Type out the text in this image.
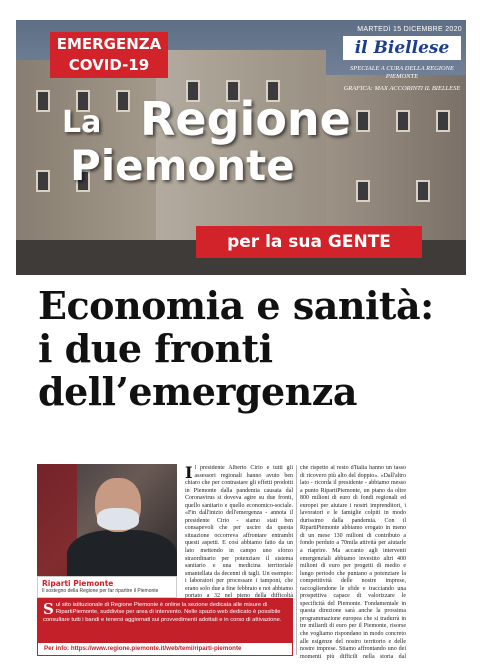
EMERGENZA
COVID-19
MARTEDì 15 DICEMBRE 2020
il Biellese
SPECIALE A CURA DELLA REGIONE PIEMONTE
GRAFICA: MAX ACCORINTI IL BIELLESE
La Regione
Piemonte
per la sua GENTE
Economia e sanità:
i due fronti
dell’emergenza
Riparti Piemonte
Il sostegno della Regione per far ripartire il Piemonte
Sul sito istituzionale di Regione Piemonte è online la sezione dedicata alle misure di RipartiPiemonte, suddivise per area di intervento. Nelle spazio web dedicato è possibile consultare tutti i bandi e tenersi aggiornati sui provvedimenti adottati e in corso di attivazione.
Per info: https://www.regione.piemonte.it/web/temi/riparti-piemonte
Il presidente Alberto Cirio e tutti gli assessori regionali hanno avuto ben chiaro che per contrastare gli effetti prodotti in Piemonte dalla pandemia causata dal Coronavirus si doveva agire su due fronti, quello sanitario e quello economico-sociale. «Fin dall'inizio dell'emergenza - annota il presidente Cirio - siamo stati ben consapevoli che per uscire da questa situazione occorreva affrontare entrambi questi aspetti. E così abbiamo fatto da un lato mettendo in campo uno sforzo straordinario per potenziare il sistema sanitario e una medicina territoriale smantellata da decenni di tagli. Un esempio: i laboratori per processare i tamponi, che erano solo due a fine febbraio e noi abbiamo portato a 32 nel pieno della difficoltà
che rispetto al resto d'Italia hanno un tasso di ricovero più alto del doppio». «Dall'altro lato - ricorda il presidente - abbiamo messo a punto RipartiPiemonte, un piano da oltre 800 milioni di euro di fondi regionali ed europei per aiutare i nostri imprenditori, i lavoratori e le famiglie colpiti in modo durissimo dalla pandemia. Con il RipartiPiemonte abbiamo erogato in meno di un mese 130 milioni di contributo a fondo perduto a 70mila attività per aiutarle a riaprire. Ma accanto agli interventi emergenziali abbiamo investito altri 400 milioni di euro per progetti di medio e lungo periodo che puntano a potenziare la competitività delle nostre imprese, raccogliendone le sfide e tracciando una prospettiva capace di valorizzare le specificità del Piemonte. Fondamentale in questa direzione sarà anche la prossima programmazione europea che si tradurrà in tre miliardi di euro per il Piemonte, risorse che vogliamo rispondano in modo concreto alle esigenze del nostro territorio e delle nostre imprese. Stiamo affrontando uno dei momenti più difficili nella storia dal
